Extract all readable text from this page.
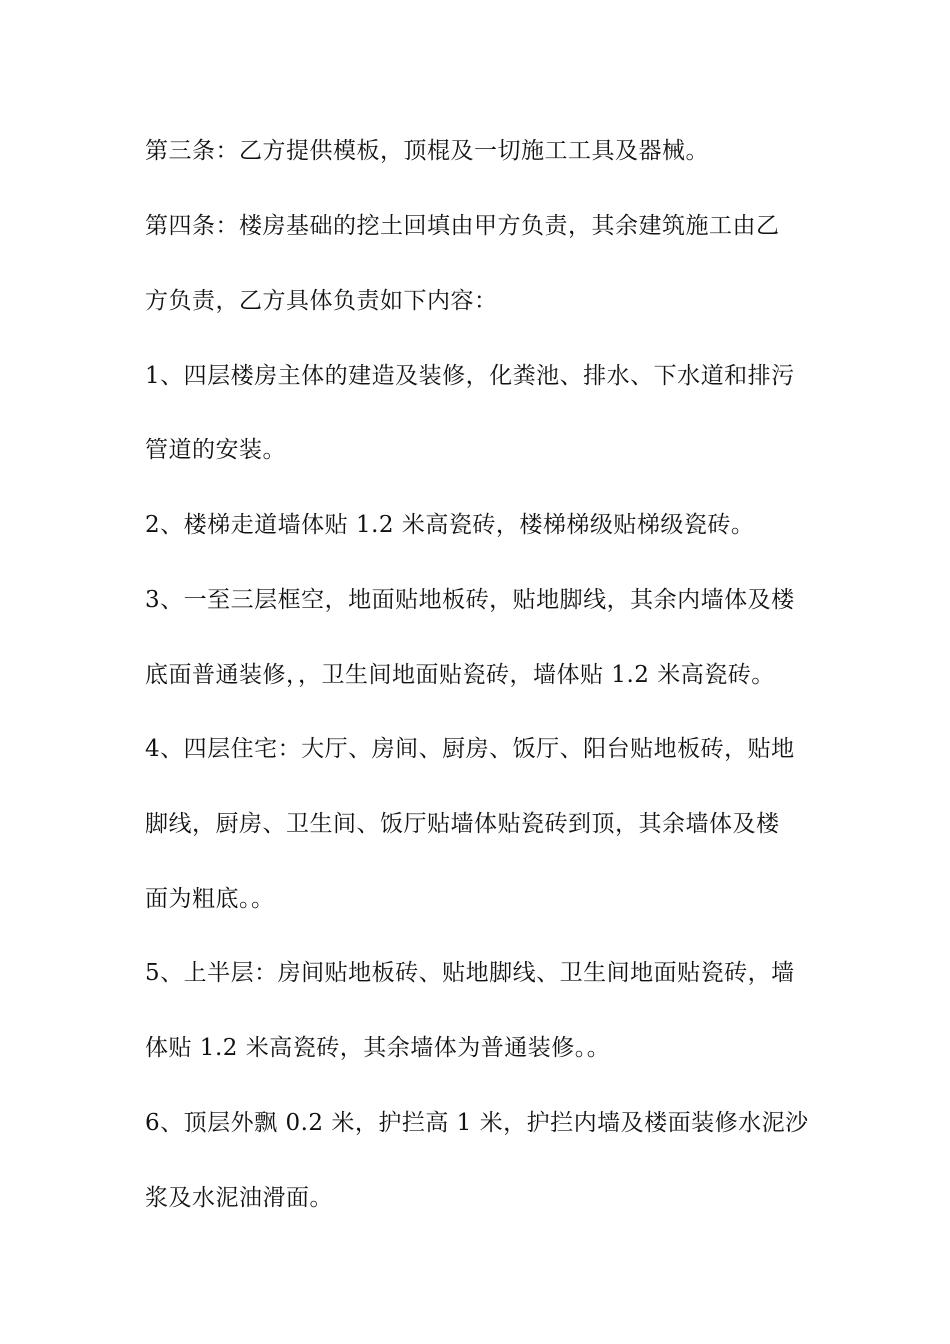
第三条：乙方提供模板，顶棍及一切施工工具及器械。
第四条：楼房基础的挖土回填由甲方负责，其余建筑施工由乙
方负责，乙方具体负责如下内容：
1、四层楼房主体的建造及装修，化粪池、排水、下水道和排污
管道的安装。
2、楼梯走道墙体贴 1.2 米高瓷砖，楼梯梯级贴梯级瓷砖。
3、一至三层框空，地面贴地板砖，贴地脚线，其余内墙体及楼
底面普通装修，，卫生间地面贴瓷砖，墙体贴 1.2 米高瓷砖。
4、四层住宅：大厅、房间、厨房、饭厅、阳台贴地板砖，贴地
脚线，厨房、卫生间、饭厅贴墙体贴瓷砖到顶，其余墙体及楼
面为粗底。。
5、上半层：房间贴地板砖、贴地脚线、卫生间地面贴瓷砖，墙
体贴 1.2 米高瓷砖，其余墙体为普通装修。。
6、顶层外飘 0.2 米，护拦高 1 米，护拦内墙及楼面装修水泥沙
浆及水泥油滑面。
